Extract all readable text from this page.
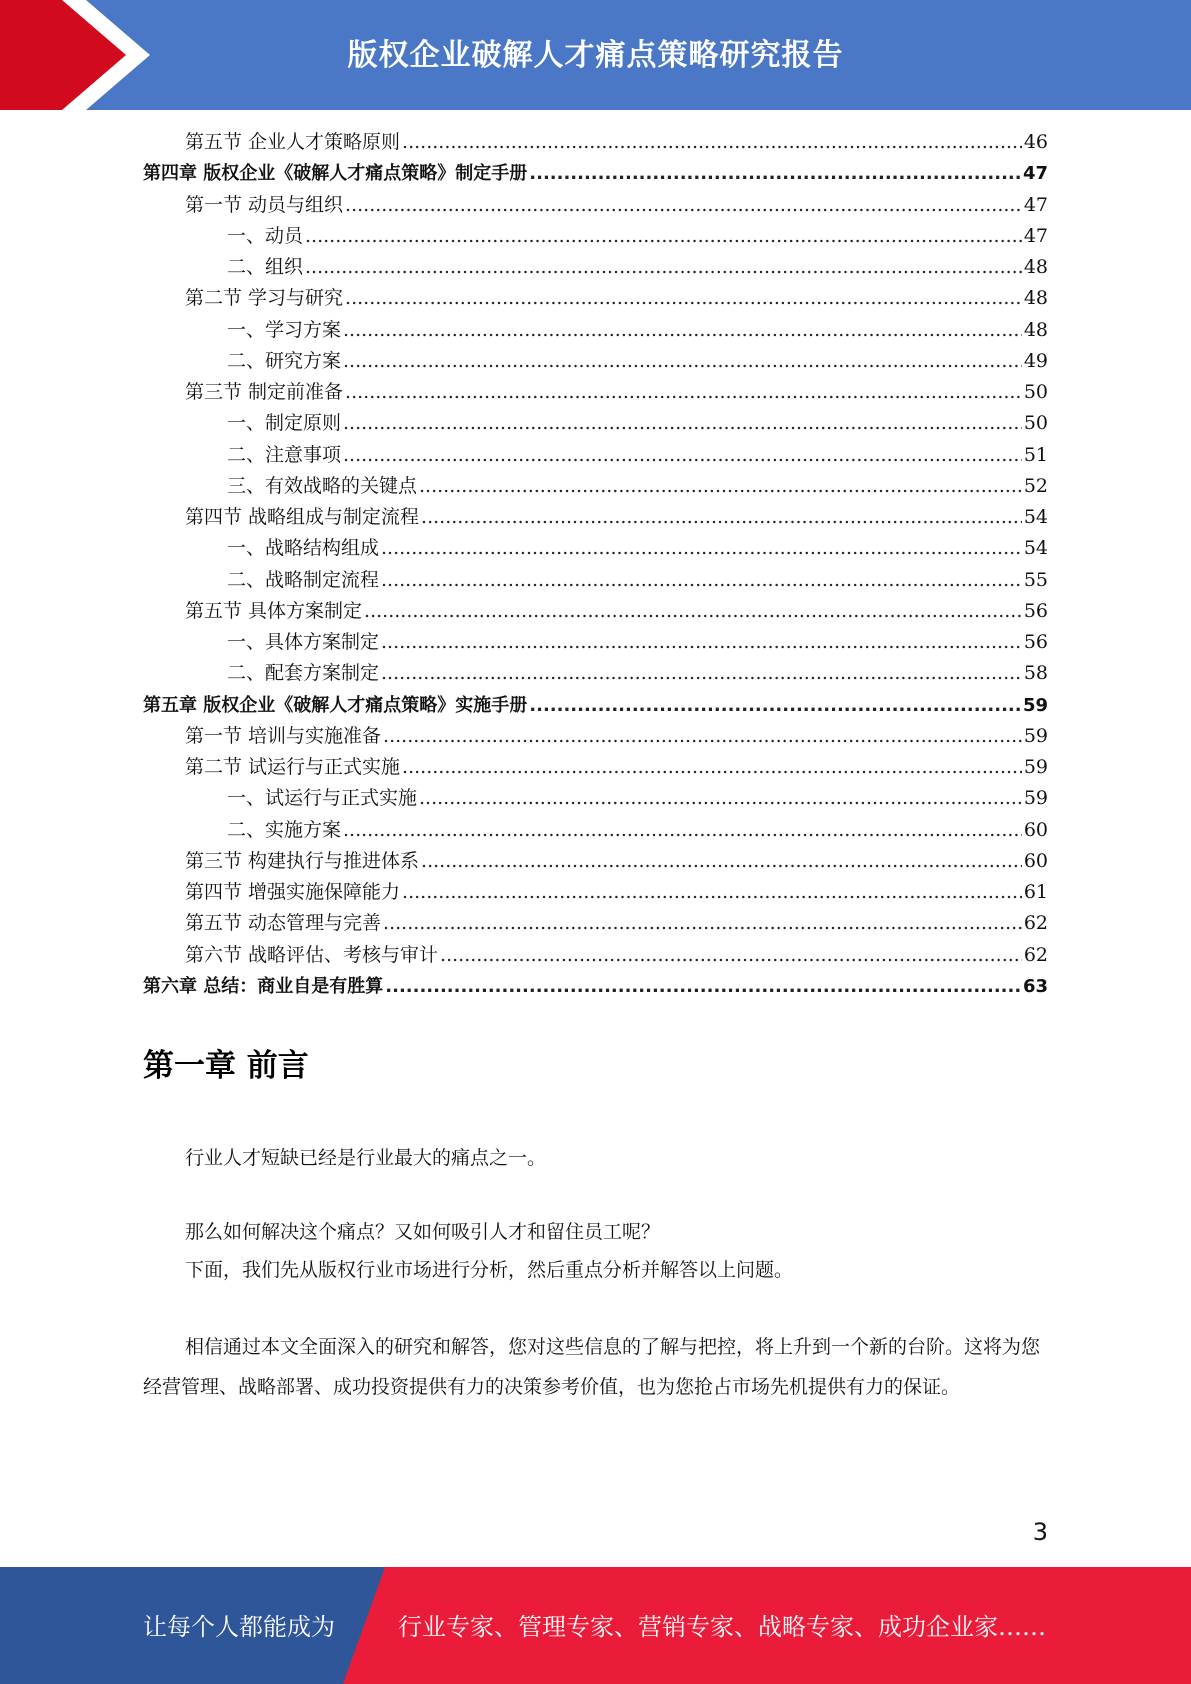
版权企业破解人才痛点策略研究报告
第五节 企业人才策略原则 .....	46
第四章 版权企业《破解人才痛点策略》制定手册 .....	47
第一节 动员与组织 .....	47
一、动员 .....	47
二、组织 .....	48
第二节 学习与研究 .....	48
一、学习方案 .....	48
二、研究方案 .....	49
第三节 制定前准备 .....	50
一、制定原则 .....	50
二、注意事项 .....	51
三、有效战略的关键点 .....	52
第四节 战略组成与制定流程 .....	54
一、战略结构组成 .....	54
二、战略制定流程 .....	55
第五节 具体方案制定 .....	56
一、具体方案制定 .....	56
二、配套方案制定 .....	58
第五章 版权企业《破解人才痛点策略》实施手册 .....	59
第一节 培训与实施准备 .....	59
第二节 试运行与正式实施 .....	59
一、试运行与正式实施 .....	59
二、实施方案 .....	60
第三节 构建执行与推进体系 .....	60
第四节 增强实施保障能力 .....	61
第五节 动态管理与完善 .....	62
第六节 战略评估、考核与审计 .....	62
第六章 总结：商业自是有胜算 .....	63
第一章 前言

行业人才短缺已经是行业最大的痛点之一。

那么如何解决这个痛点？又如何吸引人才和留住员工呢？

下面，我们先从版权行业市场进行分析，然后重点分析并解答以上问题。

相信通过本文全面深入的研究和解答，您对这些信息的了解与把控，将上升到一个新的台阶。这将为您经营管理、战略部署、成功投资提供有力的决策参考价值，也为您抢占市场先机提供有力的保证。

3
让每个人都能成为	行业专家、管理专家、营销专家、战略专家、成功企业家……
